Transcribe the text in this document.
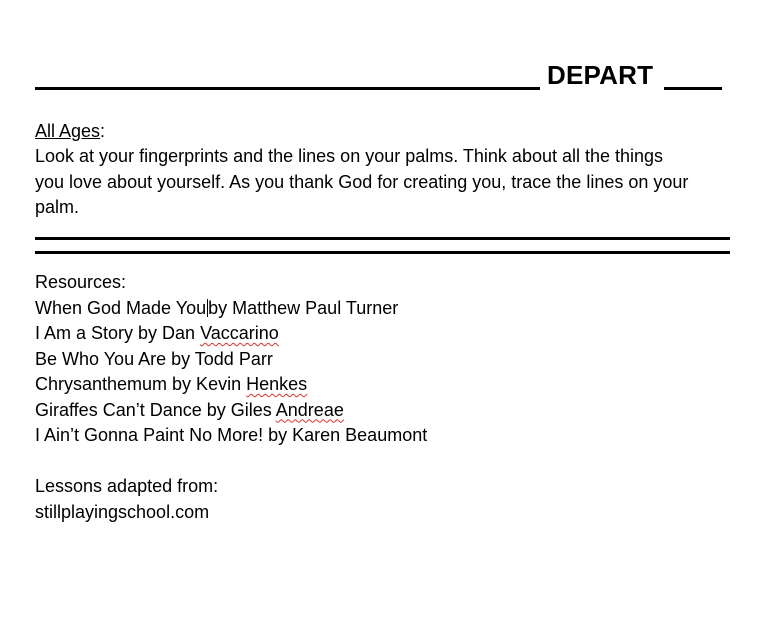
DEPART
All Ages:
Look at your fingerprints and the lines on your palms. Think about all the things
you love about yourself. As you thank God for creating you, trace the lines on your
palm.
Resources:
When God Made You by Matthew Paul Turner
I Am a Story by Dan Vaccarino
Be Who You Are by Todd Parr
Chrysanthemum by Kevin Henkes
Giraffes Can’t Dance by Giles Andreae
I Ain’t Gonna Paint No More! by Karen Beaumont
Lessons adapted from:
stillplayingschool.com
